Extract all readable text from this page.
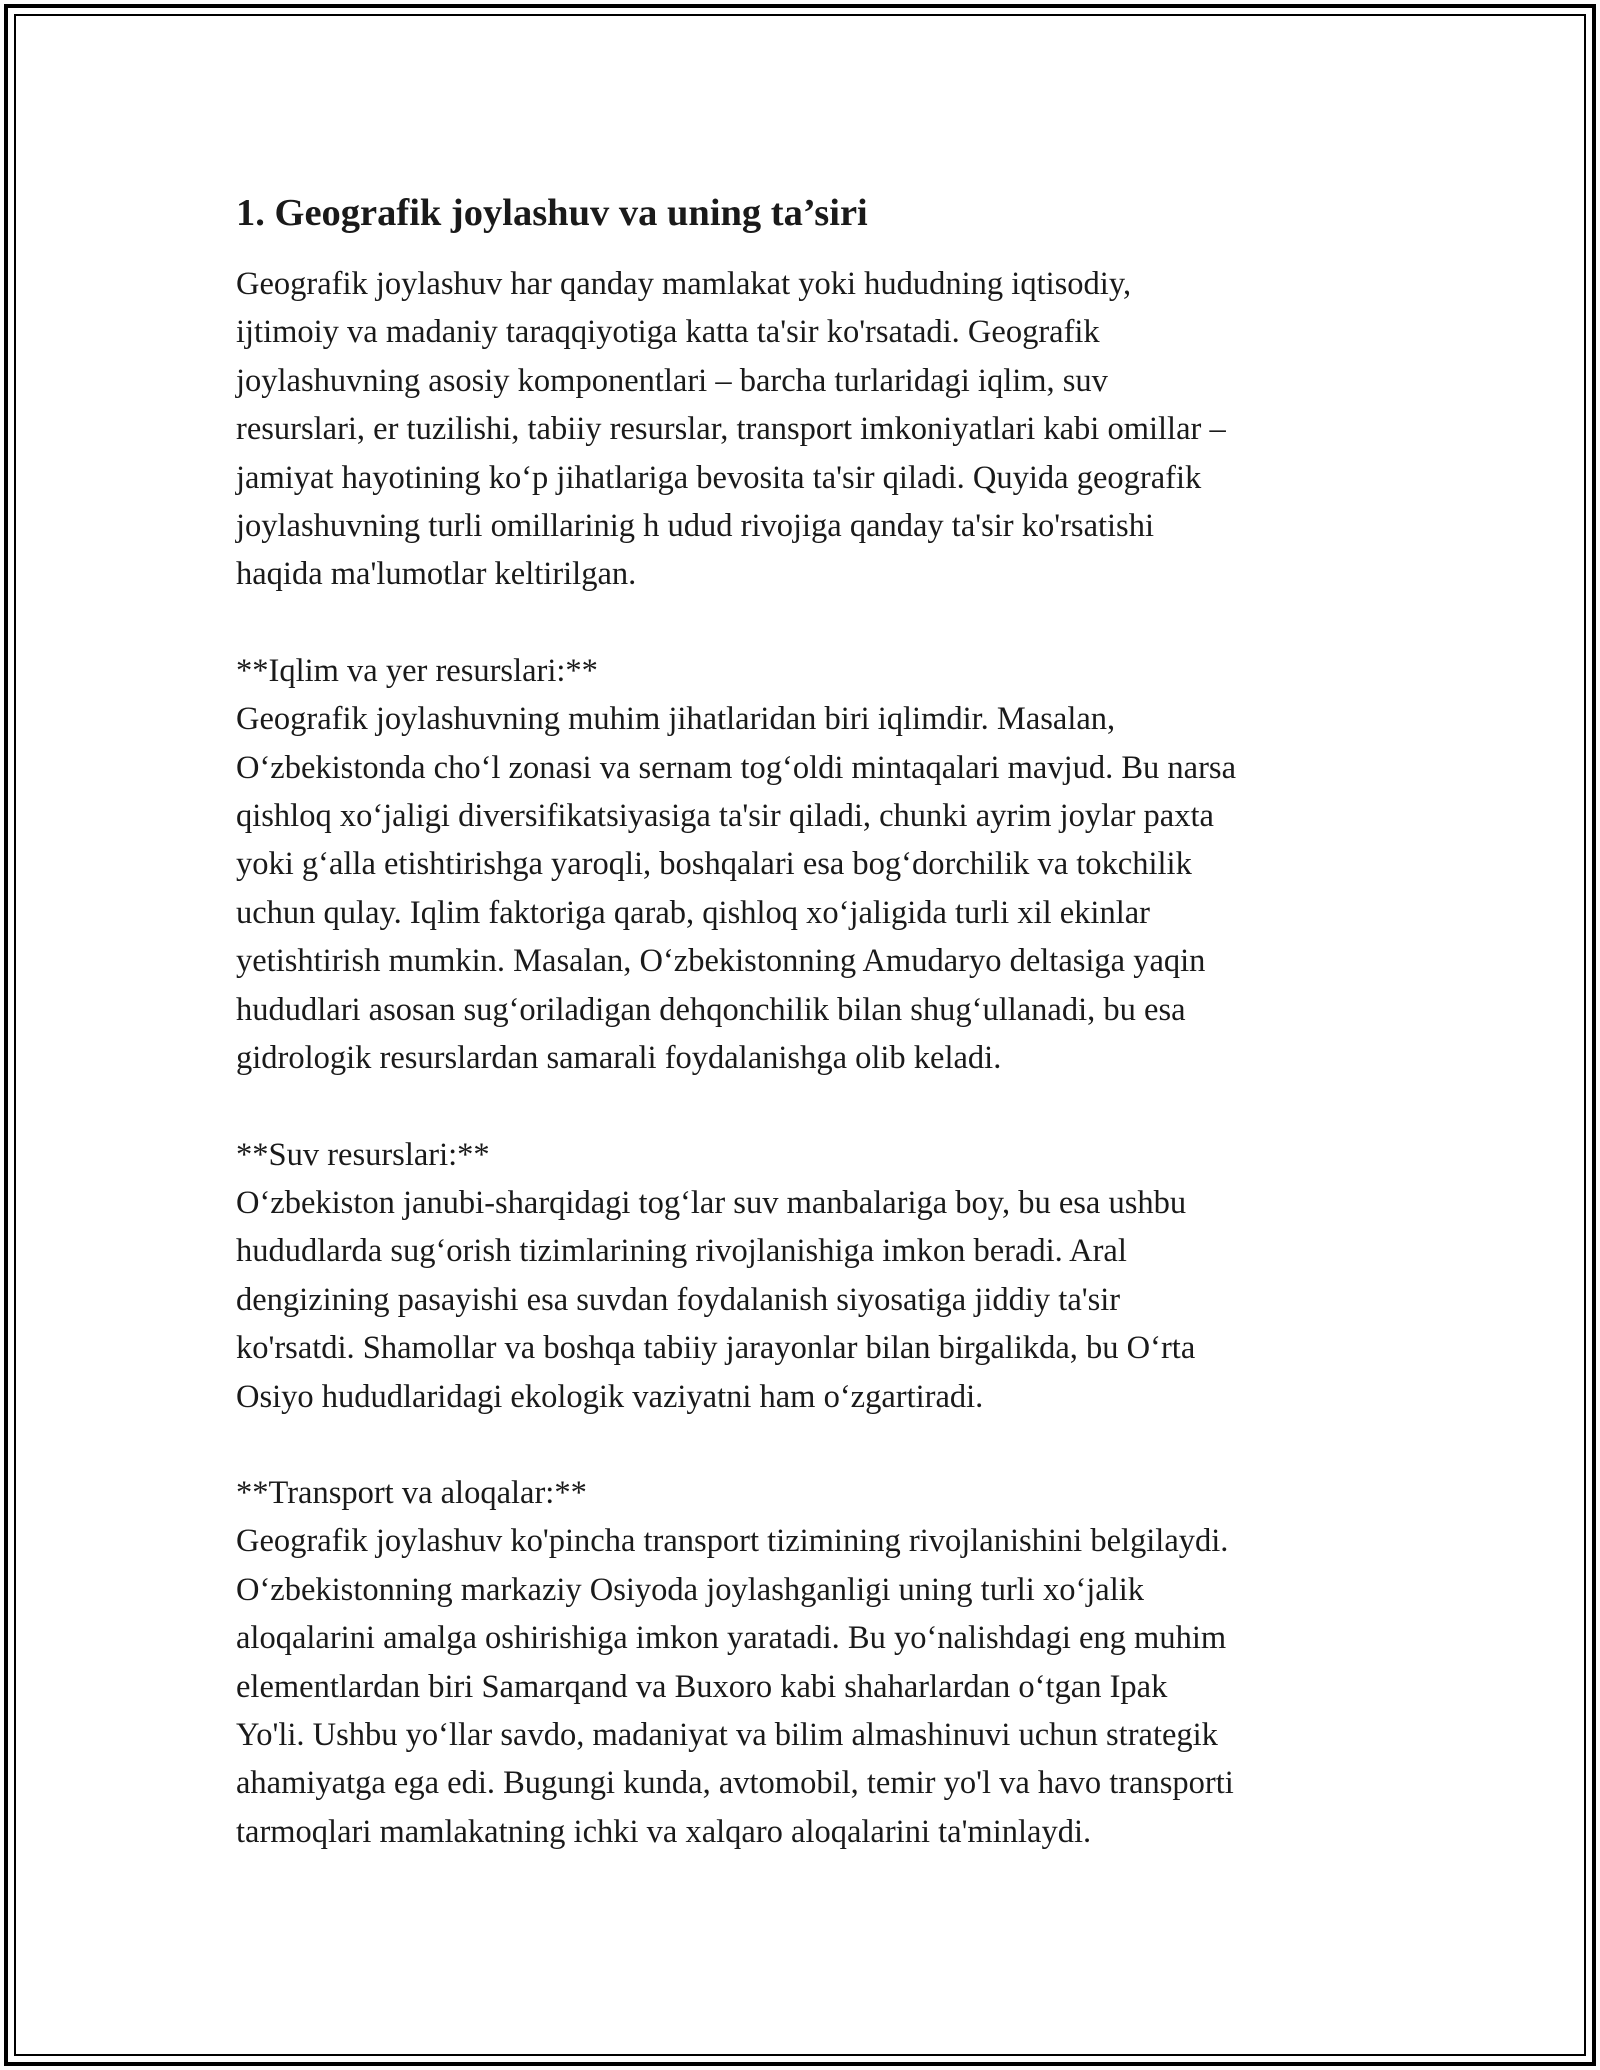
1. Geografik joylashuv va uning ta’siri

Geografik joylashuv har qanday mamlakat yoki hududning iqtisodiy,
ijtimoiy va madaniy taraqqiyotiga katta ta'sir ko'rsatadi. Geografik
joylashuvning asosiy komponentlari – barcha turlaridagi iqlim, suv
resurslari, er tuzilishi, tabiiy resurslar, transport imkoniyatlari kabi omillar –
jamiyat hayotining ko‘p jihatlariga bevosita ta'sir qiladi. Quyida geografik
joylashuvning turli omillarinig h udud rivojiga qanday ta'sir ko'rsatishi
haqida ma'lumotlar keltirilgan.

**Iqlim va yer resurslari:**

Geografik joylashuvning muhim jihatlaridan biri iqlimdir. Masalan,
O‘zbekistonda cho‘l zonasi va sernam tog‘oldi mintaqalari mavjud. Bu narsa
qishloq xo‘jaligi diversifikatsiyasiga ta'sir qiladi, chunki ayrim joylar paxta
yoki g‘alla etishtirishga yaroqli, boshqalari esa bog‘dorchilik va tokchilik
uchun qulay. Iqlim faktoriga qarab, qishloq xo‘jaligida turli xil ekinlar
yetishtirish mumkin. Masalan, O‘zbekistonning Amudaryo deltasiga yaqin
hududlari asosan sug‘oriladigan dehqonchilik bilan shug‘ullanadi, bu esa
gidrologik resurslardan samarali foydalanishga olib keladi.

**Suv resurslari:**

O‘zbekiston janubi-sharqidagi tog‘lar suv manbalariga boy, bu esa ushbu
hududlarda sug‘orish tizimlarining rivojlanishiga imkon beradi. Aral
dengizining pasayishi esa suvdan foydalanish siyosatiga jiddiy ta'sir
ko'rsatdi. Shamollar va boshqa tabiiy jarayonlar bilan birgalikda, bu O‘rta
Osiyo hududlaridagi ekologik vaziyatni ham o‘zgartiradi.

**Transport va aloqalar:**

Geografik joylashuv ko'pincha transport tizimining rivojlanishini belgilaydi.
O‘zbekistonning markaziy Osiyoda joylashganligi uning turli xo‘jalik
aloqalarini amalga oshirishiga imkon yaratadi. Bu yo‘nalishdagi eng muhim
elementlardan biri Samarqand va Buxoro kabi shaharlardan o‘tgan Ipak
Yo'li. Ushbu yo‘llar savdo, madaniyat va bilim almashinuvi uchun strategik
ahamiyatga ega edi. Bugungi kunda, avtomobil, temir yo'l va havo transporti
tarmoqlari mamlakatning ichki va xalqaro aloqalarini ta'minlaydi.
